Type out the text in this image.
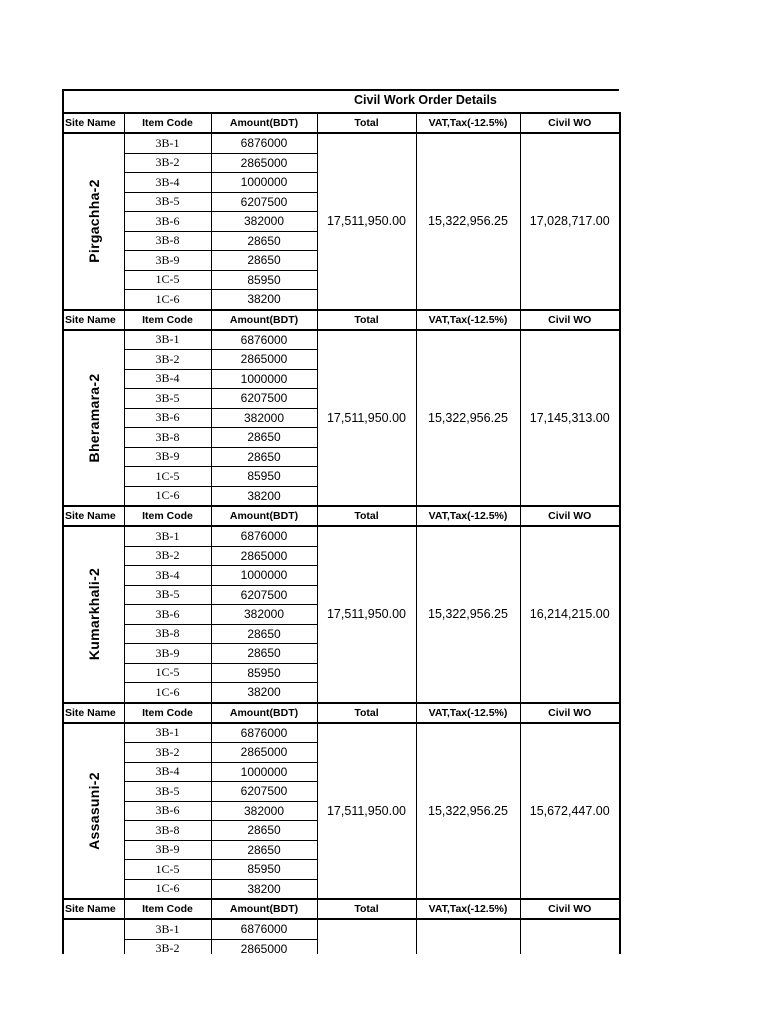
Civil Work Order Details
Site Name	Item Code	Amount(BDT)	Total	VAT,Tax(-12.5%)	Civil WO

Pirgachha-2	3B-1	6876000	17,511,950.00	15,322,956.25	17,028,717.00
	3B-2	2865000			
	3B-4	1000000			
	3B-5	6207500			
	3B-6	382000			
	3B-8	28650			
	3B-9	28650			
	1C-5	85950			
	1C-6	38200			
Site Name	Item Code	Amount(BDT)	Total	VAT,Tax(-12.5%)	Civil WO

Bheramara-2	3B-1	6876000	17,511,950.00	15,322,956.25	17,145,313.00
	3B-2	2865000			
	3B-4	1000000			
	3B-5	6207500			
	3B-6	382000			
	3B-8	28650			
	3B-9	28650			
	1C-5	85950			
	1C-6	38200			
Site Name	Item Code	Amount(BDT)	Total	VAT,Tax(-12.5%)	Civil WO

Kumarkhali-2	3B-1	6876000	17,511,950.00	15,322,956.25	16,214,215.00
	3B-2	2865000			
	3B-4	1000000			
	3B-5	6207500			
	3B-6	382000			
	3B-8	28650			
	3B-9	28650			
	1C-5	85950			
	1C-6	38200			
Site Name	Item Code	Amount(BDT)	Total	VAT,Tax(-12.5%)	Civil WO

Assasuni-2	3B-1	6876000	17,511,950.00	15,322,956.25	15,672,447.00
	3B-2	2865000			
	3B-4	1000000			
	3B-5	6207500			
	3B-6	382000			
	3B-8	28650			
	3B-9	28650			
	1C-5	85950			
	1C-6	38200			
Site Name	Item Code	Amount(BDT)	Total	VAT,Tax(-12.5%)	Civil WO

	3B-1	6876000			
	3B-2	2865000			
